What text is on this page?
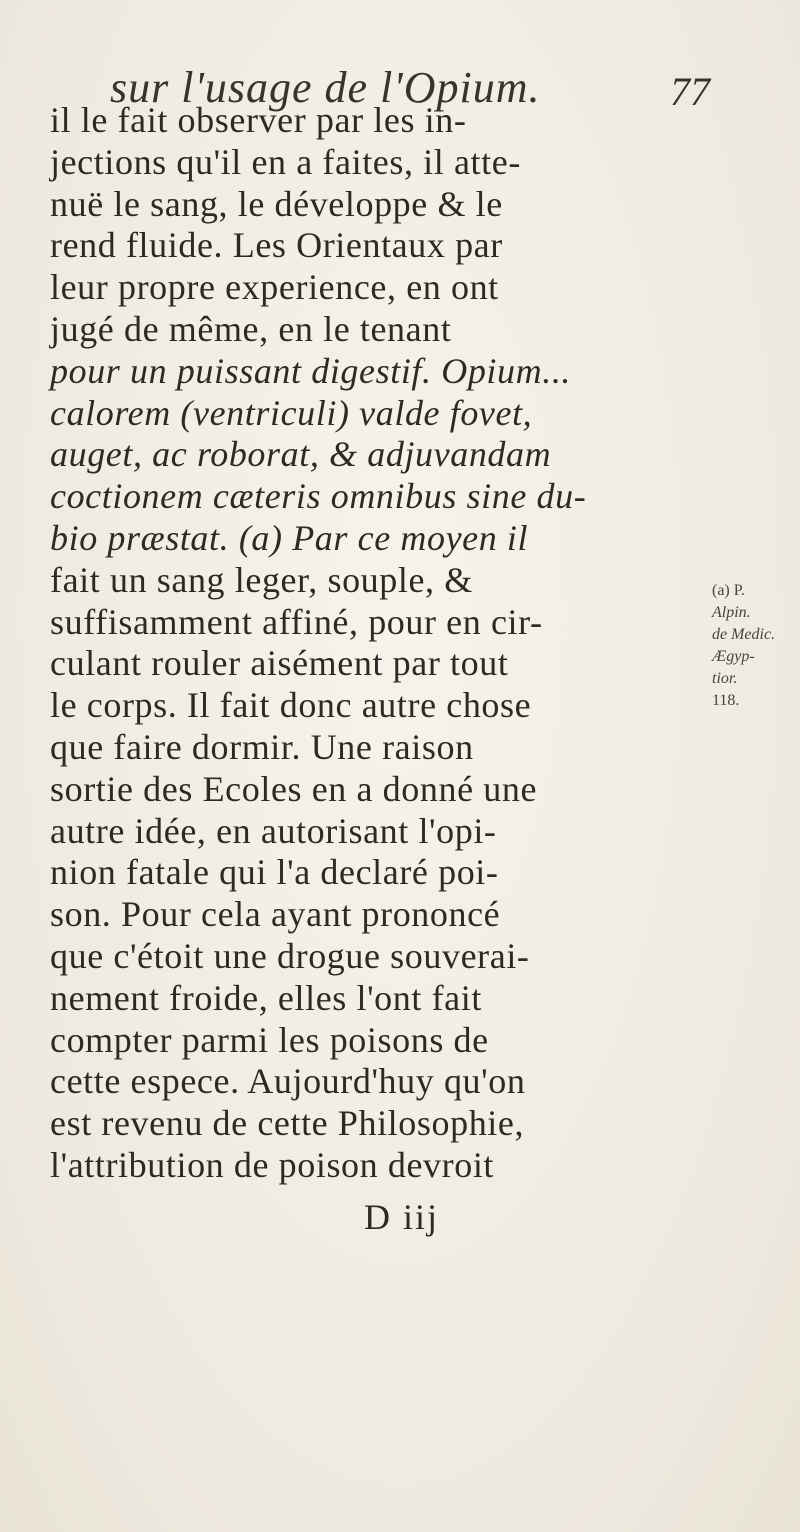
sur l'usage de l'Opium.	77
il le fait observer par les in-
jections qu'il en a faites, il atte-
nuë le sang, le développe & le
rend fluide. Les Orientaux par
leur propre experience, en ont
jugé de même, en le tenant
pour un puissant digestif. Opium...
calorem (ventriculi) valde fovet,
auget, ac roborat, & adjuvandam
coctionem cæteris omnibus sine du-
bio præstat. (a) Par ce moyen il
fait un sang leger, souple, &
suffisamment affiné, pour en cir-
culant rouler aisément par tout
le corps. Il fait donc autre chose
que faire dormir. Une raison
sortie des Ecoles en a donné une
autre idée, en autorisant l'opi-
nion fatale qui l'a declaré poi-
son. Pour cela ayant prononcé
que c'étoit une drogue souverai-
nement froide, elles l'ont fait
compter parmi les poisons de
cette espece. Aujourd'huy qu'on
est revenu de cette Philosophie,
l'attribution de poison devroit
(a) P.
Alpin.
de Medic.
Ægyp-
tior.
118.
D iij
